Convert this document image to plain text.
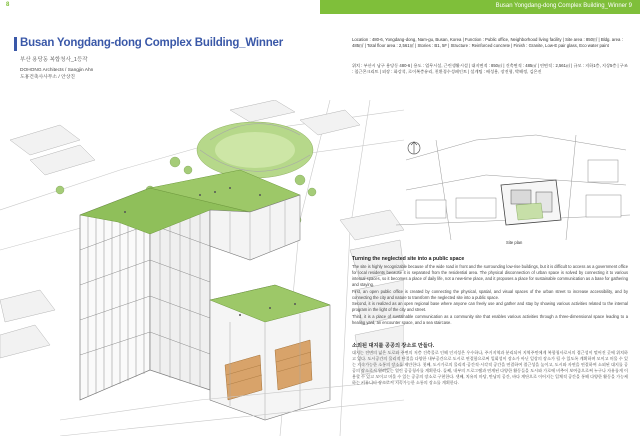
8	Busan Yongdang-dong Complex Building_Winner 9
Busan Yongdang-dong Complex Building_Winner
부산 용당동 복합청사_1등작
DOHONG Architects / Sangjin Ahn
도홍건축사사무소 / 안상진
Location : 480-6, Yongdang-dong, Nam-gu, Busan, Korea | Function : Public office, Neighborhood living facility | Site area : 850㎡ | Bldg. area : 485㎡ | Total floor area : 2,561㎡ | Stories : B1, 5F | Structure : Reinforced concrete | Finish : Granite, Low-E pair glass, Eco water paint
위치 : 부산시 남구 용당동 480-6 | 용도 : 업무시설, 근린생활시설 | 대지면적 : 850㎡ | 건축면적 : 485㎡ | 연면적 : 2,561㎡ | 규모 : 지하1층, 지상5층 | 구조 : 철근콘크리트 | 외장 : 화강석, 로이복층유리, 친환경수성페인트 | 설계팀 : 배성용, 장진형, 박해정, 김은진
Site plan
Turning the neglected site into a public space

The site is highly recognizable because of the wide road in front and the surrounding low-rise buildings, but it is difficult to access as a government office for local residents because it is separated from the residential area. The physical disconnection of urban space is solved by connecting it to various internal spaces, so it becomes a place of daily life, not a new-time place, and it proposes a place for sustainable communication as a base for gathering and staying.

First, an open public office is created by connecting the physical, spatial, and visual spaces of the urban street to increase accessibility, and by connecting the city and nature to transform the neglected site into a public space.

Second, it is realized as an open regional base where anyone can freely use and gather and stay by showing various activities related to the internal program in the light of the city and street.

Third, it is a place of sustainable communication as a community site that enables various activities through a three-dimensional space leading to a healing yard, an encounter space, and a sea staircase.

소외된 대지를 공공의 장소로 만들다.
대지는 전면의 넓은 도로와 주변의 저층 건축물로 인해 인지성은 우수하나, 주거지역과 분리되어 지역주민에게 복합청사로서의 접근성이 떨어진 곳에 위치하고 있다. 도시공간의 물리적 단절을 다양한 내부공간으로 도시로 연결함으로써 일회성이 장소가 아닌 일상의 장소가 될 수 있도록 계획하며 모이고 머물 수 있는 지속가능한 소통의 장소를 제안한다. 첫째, 도시가로의 물리적·공간적·시각적 공간을 연결하여 접근성을 높이고, 도시와 자연을 연결하여 소외된 대지를 공공의 장소로서 열려있는 열린 공공청사를 계획한다. 둘째, 내부의 프로그램과 연계된 다양한 활동들을 도시와 가로에 비추어 보여줌으로써 누구나 자유롭게 이용할 수 있고 모이고 머물 수 있는 공공의 장소로 구현한다. 셋째, 치유의 마당, 만남의 공간, 바다 계단으로 이어지는 입체적 공간을 통해 다양한 활동을 가능케 하는 커뮤니티 장소로서 지속가능한 소통의 장소를 계획한다.
